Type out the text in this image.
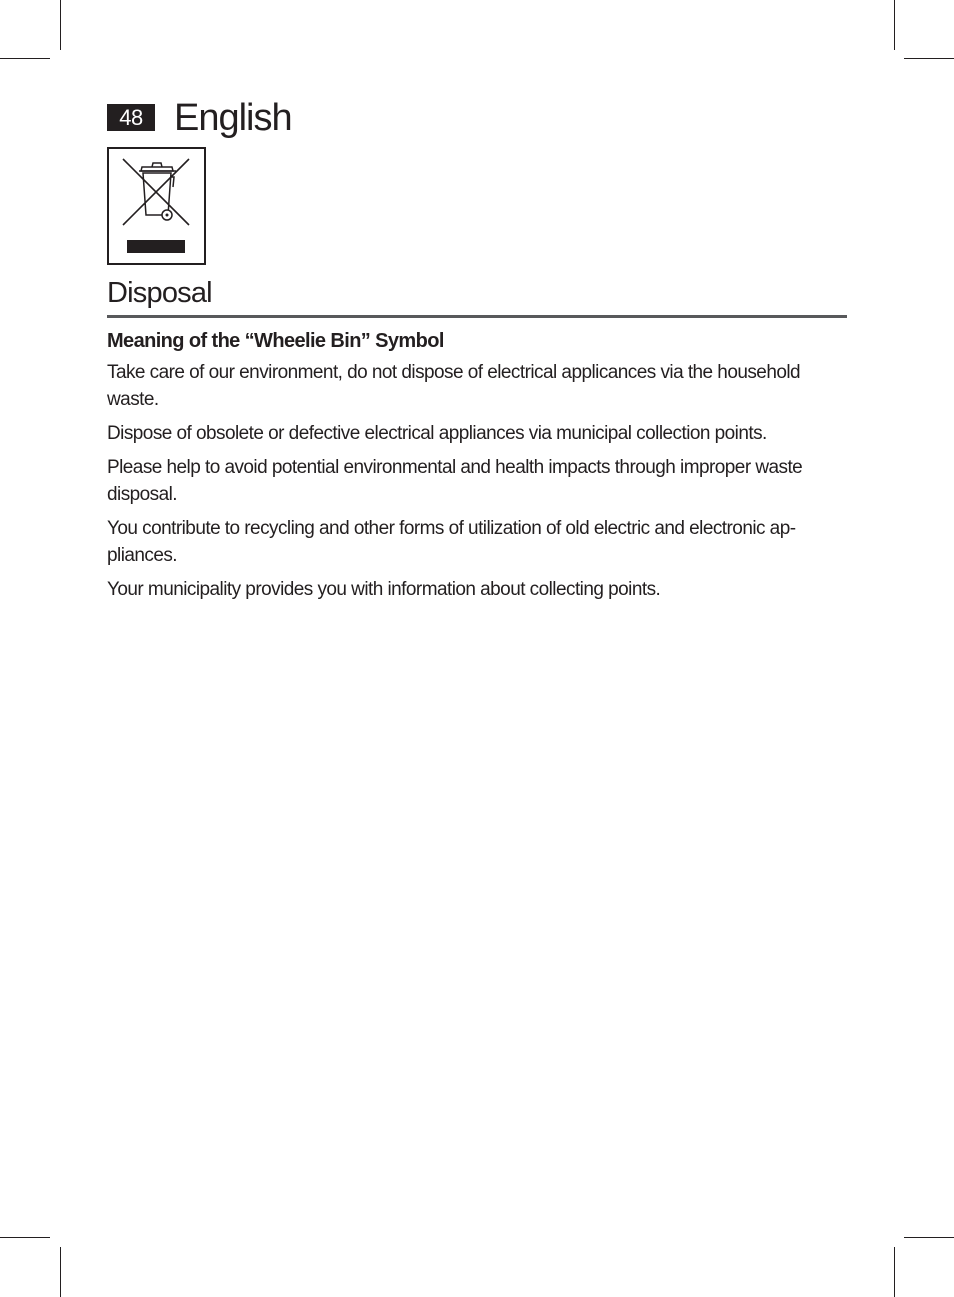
48 English
Disposal
Meaning of the “Wheelie Bin” Symbol

Take care of our environment, do not dispose of electrical applicances via the household waste.

Dispose of obsolete or defective electrical appliances via municipal collection points.

Please help to avoid potential environmental and health impacts through improper waste disposal.

You contribute to recycling and other forms of utilization of old electric and electronic ap-pliances.

Your municipality provides you with information about collecting points.
